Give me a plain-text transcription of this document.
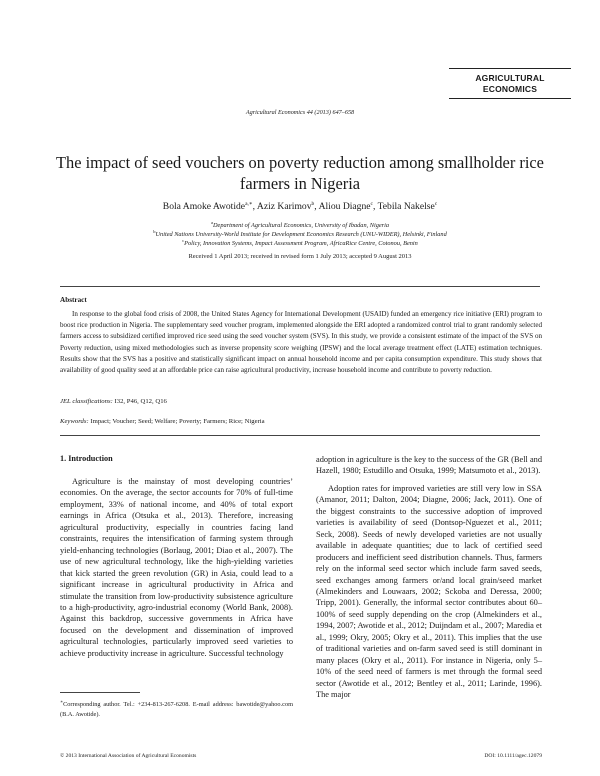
AGRICULTURAL
ECONOMICS
Agricultural Economics 44 (2013) 647–658
The impact of seed vouchers on poverty reduction among smallholder rice farmers in Nigeria
Bola Amoke Awotide$^{a,∗}$, Aziz Karimov$^b$, Aliou Diagne$^c$, Tebila Nakelse$^c$
$^a$Department of Agricultural Economics, University of Ibadan, Nigeria
$^b$United Nations University-World Institute for Development Economics Research (UNU-WIDER), Helsinki, Finland
$^c$Policy, Innovation Systems, Impact Assessment Program, AfricaRice Centre, Cotonou, Benin
Received 1 April 2013; received in revised form 1 July 2013; accepted 9 August 2013
Abstract
In response to the global food crisis of 2008, the United States Agency for International Development (USAID) funded an emergency rice initiative (ERI) program to boost rice production in Nigeria. The supplementary seed voucher program, implemented alongside the ERI adopted a randomized control trial to grant randomly selected farmers access to subsidized certified improved rice seed using the seed voucher system (SVS). In this study, we provide a consistent estimate of the impact of the SVS on Poverty reduction, using mixed methodologies such as inverse propensity score weighing (IPSW) and the local average treatment effect (LATE) estimation techniques. Results show that the SVS has a positive and statistically significant impact on annual household income and per capita consumption expenditure. This study shows that availability of good quality seed at an affordable price can raise agricultural productivity, increase household income and contribute to poverty reduction.
JEL classifications: I32, P46, Q12, Q16
Keywords: Impact; Voucher; Seed; Welfare; Poverty; Farmers; Rice; Nigeria
1. Introduction

Agriculture is the mainstay of most developing countries’ economies. On the average, the sector accounts for 70% of full-time employment, 33% of national income, and 40% of total export earnings in Africa (Otsuka et al., 2013). Therefore, increasing agricultural productivity, especially in countries facing land constraints, requires the intensification of farming system through yield-enhancing technologies (Borlaug, 2001; Diao et al., 2007). The use of new agricultural technology, like the high-yielding varieties that kick started the green revolution (GR) in Asia, could lead to a significant increase in agricultural productivity in Africa and stimulate the transition from low-productivity subsistence agriculture to a high-productivity, agro-industrial economy (World Bank, 2008). Against this backdrop, successive governments in Africa have focused on the development and dissemination of improved agricultural technologies, particularly improved seed varieties to achieve productivity increase in agriculture. Successful technology

adoption in agriculture is the key to the success of the GR (Bell and Hazell, 1980; Estudillo and Otsuka, 1999; Matsumoto et al., 2013).

Adoption rates for improved varieties are still very low in SSA (Amanor, 2011; Dalton, 2004; Diagne, 2006; Jack, 2011). One of the biggest constraints to the successive adoption of improved varieties is availability of seed (Dontsop-Nguezet et al., 2011; Seck, 2008). Seeds of newly developed varieties are not usually available in adequate quantities; due to lack of certified seed producers and inefficient seed distribution channels. Thus, farmers rely on the informal seed sector which include farm saved seeds, seed exchanges among farmers or/and local grain/seed market (Almekinders and Louwaars, 2002; Sckoba and Deressa, 2000; Tripp, 2001). Generally, the informal sector contributes about 60–100% of seed supply depending on the crop (Almekinders et al., 1994, 2007; Awotide et al., 2012; Duijndam et al., 2007; Maredia et al., 1999; Okry, 2005; Okry et al., 2011). This implies that the use of traditional varieties and on-farm saved seed is still dominant in many places (Okry et al., 2011). For instance in Nigeria, only 5–10% of the seed need of farmers is met through the formal seed sector (Awotide et al., 2012; Bentley et al., 2011; Larinde, 1996). The major

∗Corresponding author. Tel.: +234-813-267-6208. E-mail address: bawotide@yahoo.com (B.A. Awotide).
© 2013 International Association of Agricultural Economists	DOI: 10.1111/agec.12079
